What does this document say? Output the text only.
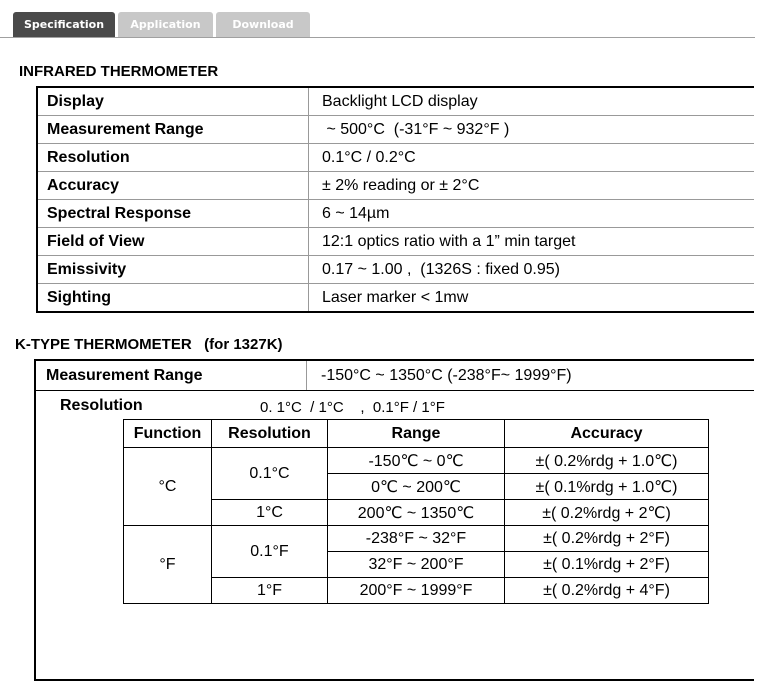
Specification	Application	Download
INFRARED THERMOMETER
Display	Backlight LCD display
Measurement Range	~ 500°C  (-31°F ~ 932°F )
Resolution	0.1°C / 0.2°C
Accuracy	± 2% reading or ± 2°C
Spectral Response	6 ~ 14µm
Field of View	12:1 optics ratio with a 1” min target
Emissivity	0.17 ~ 1.00 ,  (1326S : fixed 0.95)
Sighting	Laser marker < 1mw
K-TYPE THERMOMETER   (for 1327K)
Measurement Range	-150°C ~ 1350°C (-238°F~ 1999°F)
Resolution	0. 1°C  / 1°C    ,  0.1°F / 1°F
Function	Resolution	Range	Accuracy
°C	0.1°C	-150℃ ~ 0℃	±( 0.2%rdg + 1.0℃)
		0℃ ~ 200℃	±( 0.1%rdg + 1.0℃)
	1°C	200℃ ~ 1350℃	±( 0.2%rdg + 2℃)
°F	0.1°F	-238°F ~ 32°F	±( 0.2%rdg + 2°F)
		32°F ~ 200°F	±( 0.1%rdg + 2°F)
	1°F	200°F ~ 1999°F	±( 0.2%rdg + 4°F)
